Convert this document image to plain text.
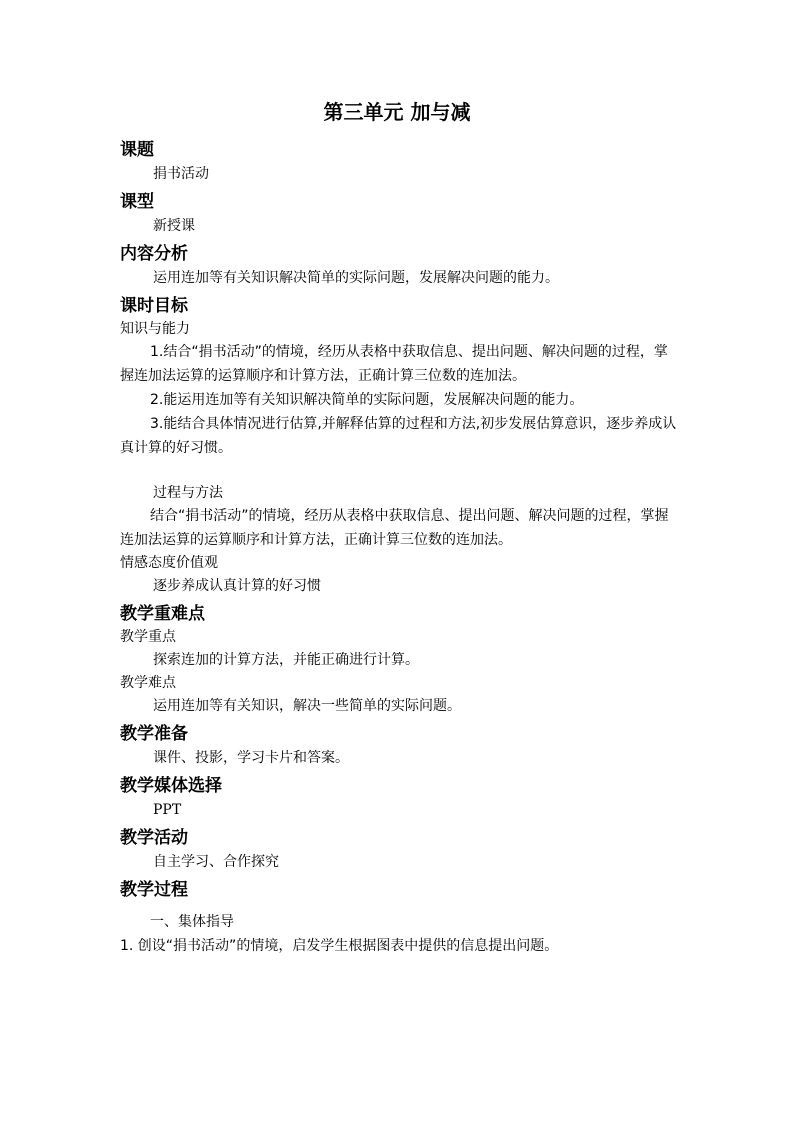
第三单元 加与减
课题
捐书活动
课型
新授课
内容分析
运用连加等有关知识解决简单的实际问题，发展解决问题的能力。
课时目标
知识与能力
1.结合“捐书活动”的情境，经历从表格中获取信息、提出问题、解决问题的过程，掌握连加法运算的运算顺序和计算方法，正确计算三位数的连加法。
2.能运用连加等有关知识解决简单的实际问题，发展解决问题的能力。
3.能结合具体情况进行估算,并解释估算的过程和方法,初步发展估算意识，逐步养成认真计算的好习惯。
过程与方法
结合“捐书活动”的情境，经历从表格中获取信息、提出问题、解决问题的过程，掌握连加法运算的运算顺序和计算方法，正确计算三位数的连加法。
情感态度价值观
逐步养成认真计算的好习惯
教学重难点
教学重点
探索连加的计算方法，并能正确进行计算。
教学难点
运用连加等有关知识，解决一些简单的实际问题。
教学准备
课件、投影，学习卡片和答案。
教学媒体选择
PPT
教学活动
自主学习、合作探究
教学过程
一、集体指导
1. 创设“捐书活动”的情境，启发学生根据图表中提供的信息提出问题。
